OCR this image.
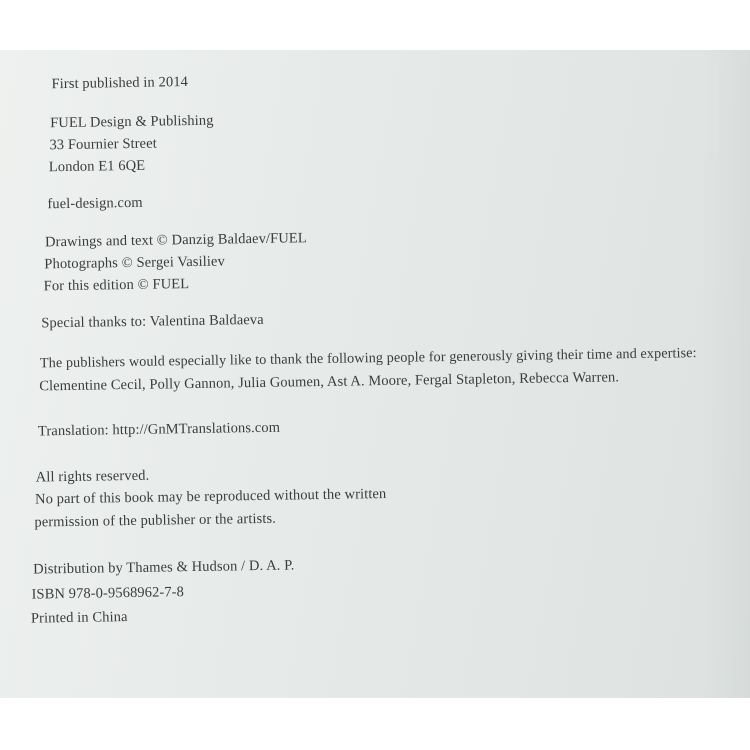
First published in 2014
FUEL Design & Publishing
33 Fournier Street
London E1 6QE
fuel-design.com
Drawings and text © Danzig Baldaev/FUEL
Photographs © Sergei Vasiliev
For this edition © FUEL
Special thanks to: Valentina Baldaeva
The publishers would especially like to thank the following people for generously giving their time and expertise:
Clementine Cecil, Polly Gannon, Julia Goumen, Ast A. Moore, Fergal Stapleton, Rebecca Warren.
Translation: http://GnMTranslations.com
All rights reserved.
No part of this book may be reproduced without the written
permission of the publisher or the artists.
Distribution by Thames & Hudson / D. A. P.
ISBN 978-0-9568962-7-8
Printed in China
